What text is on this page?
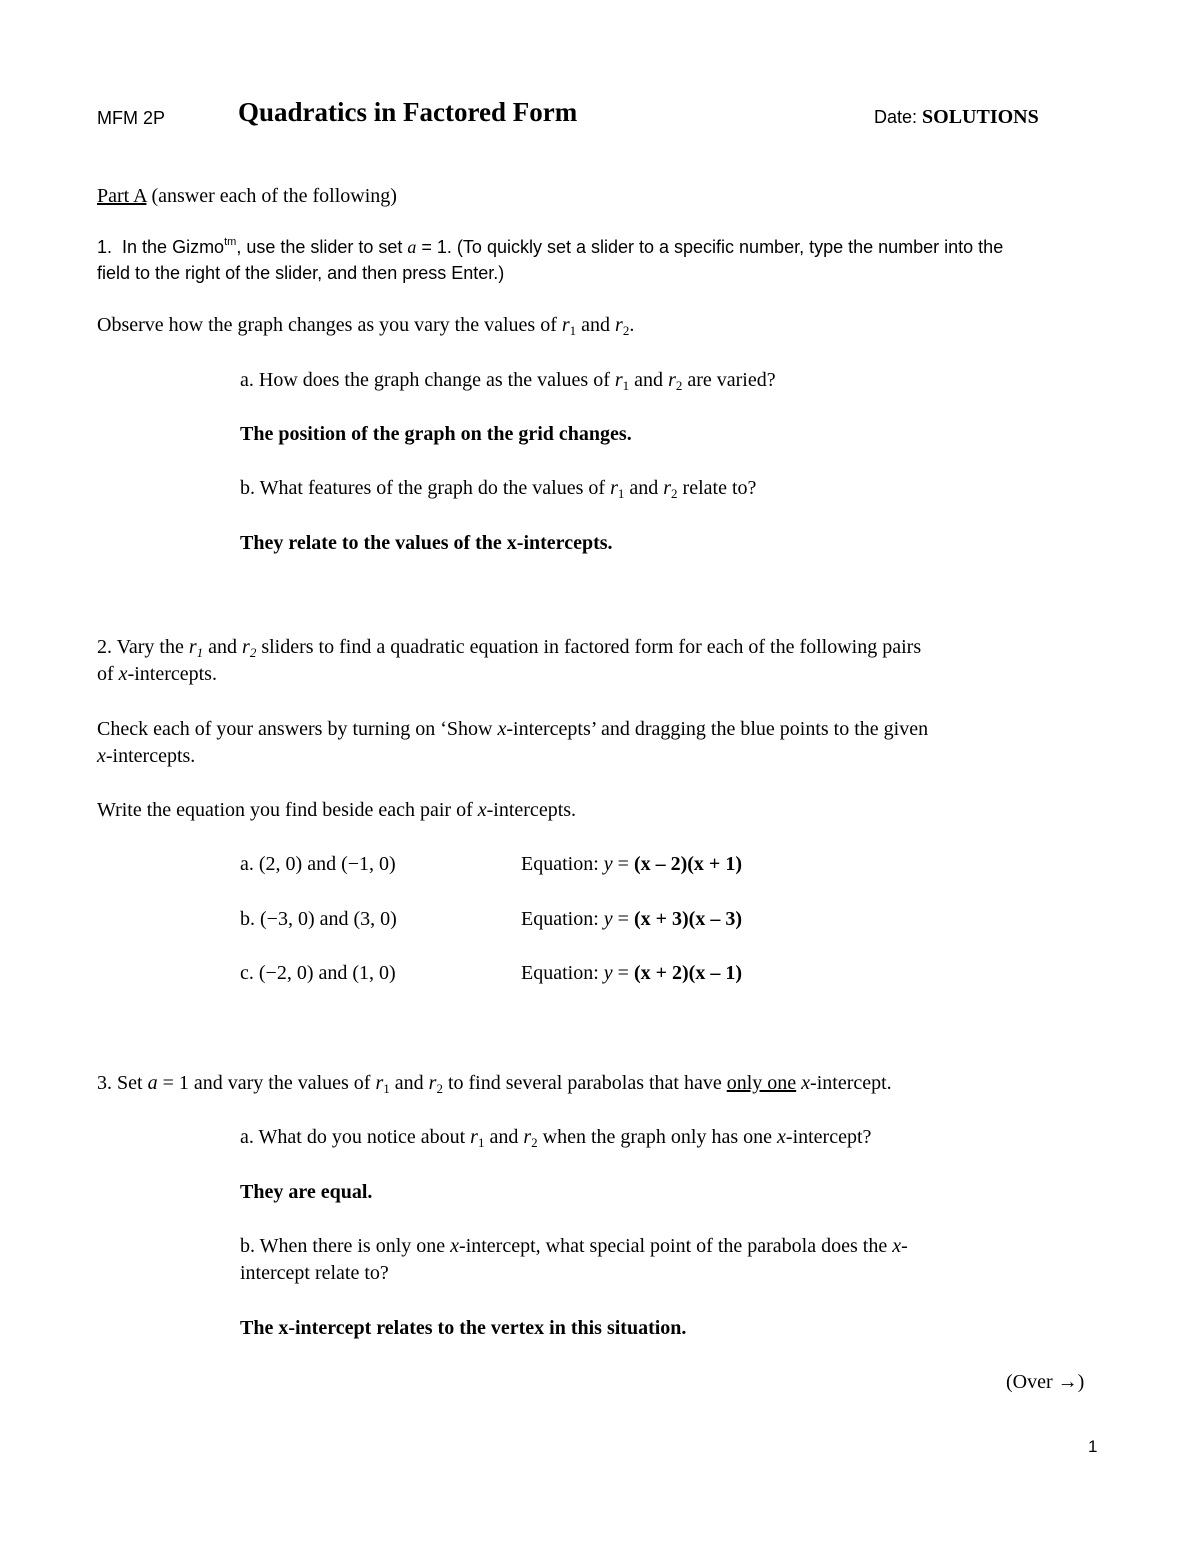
MFM 2P	Quadratics in Factored Form	Date: SOLUTIONS
Part A (answer each of the following)
1. In the Gizmo$^{tm}$, use the slider to set a = 1. (To quickly set a slider to a specific number, type the number into the
field to the right of the slider, and then press Enter.)
Observe how the graph changes as you vary the values of $r_1$ and $r_2$.
a. How does the graph change as the values of $r_1$ and $r_2$ are varied?
The position of the graph on the grid changes.
b. What features of the graph do the values of $r_1$ and $r_2$ relate to?
They relate to the values of the x-intercepts.
2. Vary the $r_1$ and $r_2$ sliders to find a quadratic equation in factored form for each of the following pairs
of x-intercepts.
Check each of your answers by turning on ‘Show x-intercepts’ and dragging the blue points to the given
x-intercepts.
Write the equation you find beside each pair of x-intercepts.
a. (2, 0) and (−1, 0)	Equation: y = (x – 2)(x + 1)
b. (−3, 0) and (3, 0)	Equation: y = (x + 3)(x – 3)
c. (−2, 0) and (1, 0)	Equation: y = (x + 2)(x – 1)
3. Set a = 1 and vary the values of $r_1$ and $r_2$ to find several parabolas that have only one x-intercept.
a. What do you notice about $r_1$ and $r_2$ when the graph only has one x-intercept?
They are equal.
b. When there is only one x-intercept, what special point of the parabola does the x-
intercept relate to?
The x-intercept relates to the vertex in this situation.
(Over →)
1
